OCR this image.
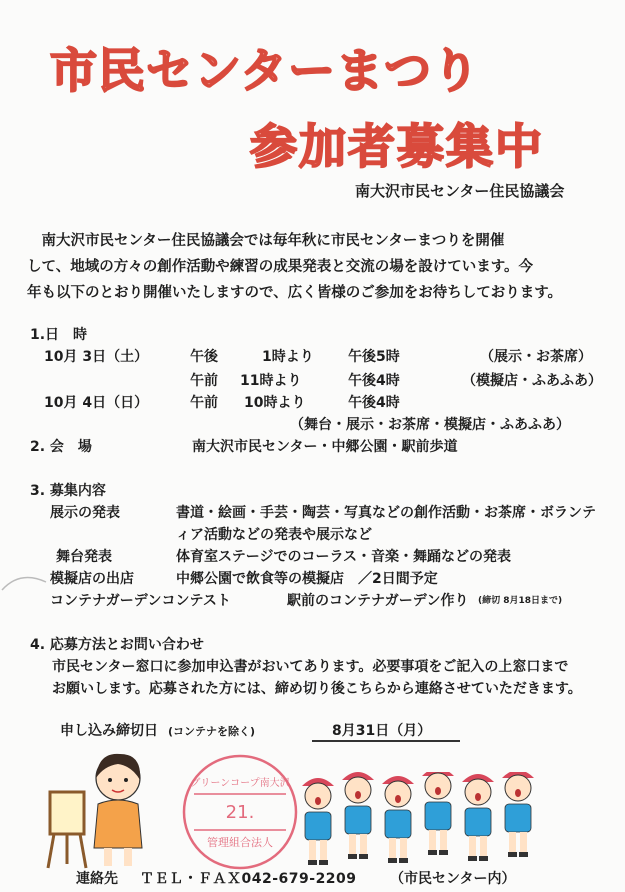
市民センターまつり
参加者募集中
南大沢市民センター住民協議会
　南大沢市民センター住民協議会では毎年秋に市民センターまつりを開催
して、地域の方々の創作活動や練習の成果発表と交流の場を設けています。今
年も以下のとおり開催いたしますので、広く皆様のご参加をお待ちしております。
1.日　時
10月 3日（土）	午後	1時より 午後5時	（展示・お茶席）
午前 11時より	午後4時	（模擬店・ふあふあ）
10月 4日（日）	午前 10時より	午後4時
（舞台・展示・お茶席・模擬店・ふあふあ）
2. 会　場	南大沢市民センター・中郷公園・駅前歩道
3. 募集内容
展示の発表	書道・絵画・手芸・陶芸・写真などの創作活動・お茶席・ボランテ
ィア活動などの発表や展示など
舞台発表	体育室ステージでのコーラス・音楽・舞踊などの発表
模擬店の出店	中郷公園で飲食等の模擬店　／2日間予定
コンテナガーデンコンテスト	駅前のコンテナガーデン作り (締切 8月18日まで)
4. 応募方法とお問い合わせ
市民センター窓口に参加申込書がおいてあります。必要事項をご記入の上窓口まで
お願いします。応募された方には、締め切り後こちらから連絡させていただきます。
申し込み締切日 (コンテナを除く)	8月31日（月）
グリーンコープ南大沢
21.
管理組合法人
連絡先 ＴＥＬ・ＦＡＸ042-679-2209 （市民センター内）
